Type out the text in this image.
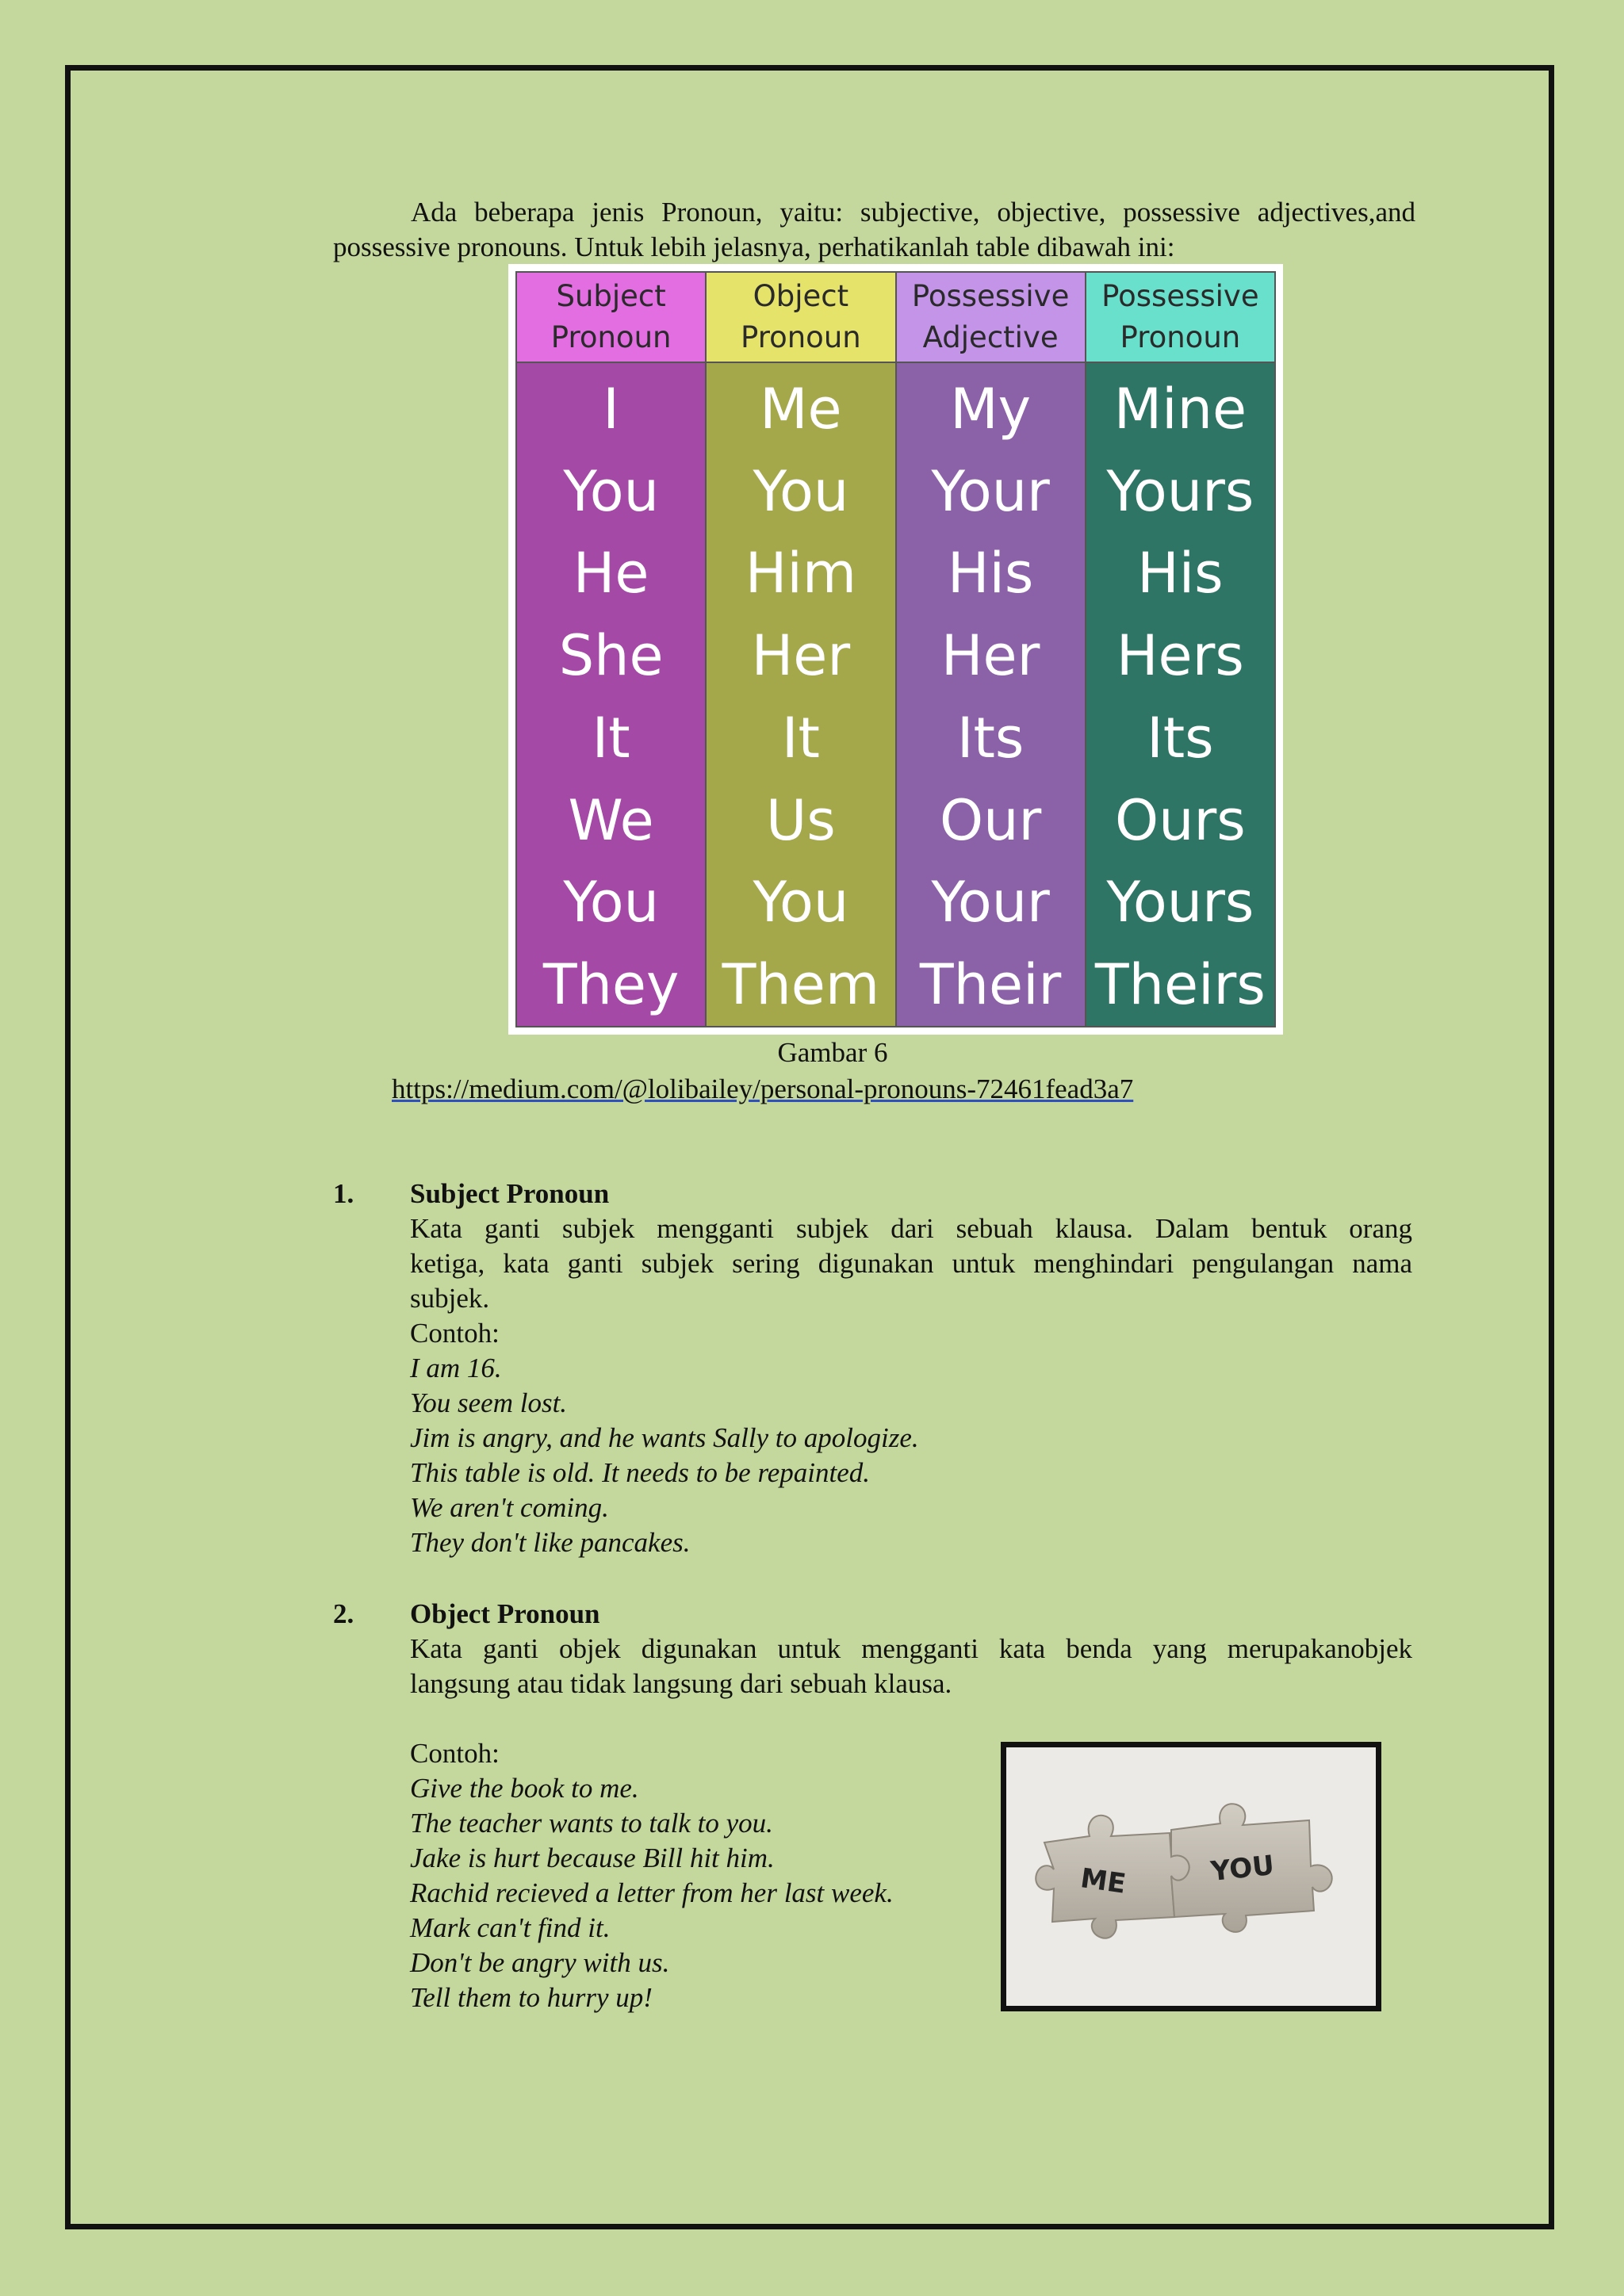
Ada beberapa jenis Pronoun, yaitu: subjective, objective, possessive adjectives,and possessive pronouns. Untuk lebih jelasnya, perhatikanlah table dibawah ini:
Subject
Pronoun
I
You
He
She
It
We
You
They
Object
Pronoun
Me
You
Him
Her
It
Us
You
Them
Possessive
Adjective
My
Your
His
Her
Its
Our
Your
Their
Possessive
Pronoun
Mine
Yours
His
Hers
Its
Ours
Yours
Theirs
Gambar 6
https://medium.com/@lolibailey/personal-pronouns-72461fead3a7
1. Subject Pronoun
Kata ganti subjek mengganti subjek dari sebuah klausa. Dalam bentuk orang
ketiga, kata ganti subjek sering digunakan untuk menghindari pengulangan nama
subjek.
Contoh:
I am 16.
You seem lost.
Jim is angry, and he wants Sally to apologize.
This table is old. It needs to be repainted.
We aren't coming.
They don't like pancakes.
2. Object Pronoun
Kata ganti objek digunakan untuk mengganti kata benda yang merupakanobjek
langsung atau tidak langsung dari sebuah klausa.
Contoh:
Give the book to me.
The teacher wants to talk to you.
Jake is hurt because Bill hit him.
Rachid recieved a letter from her last week.
Mark can't find it.
Don't be angry with us.
Tell them to hurry up!
ME	YOU
